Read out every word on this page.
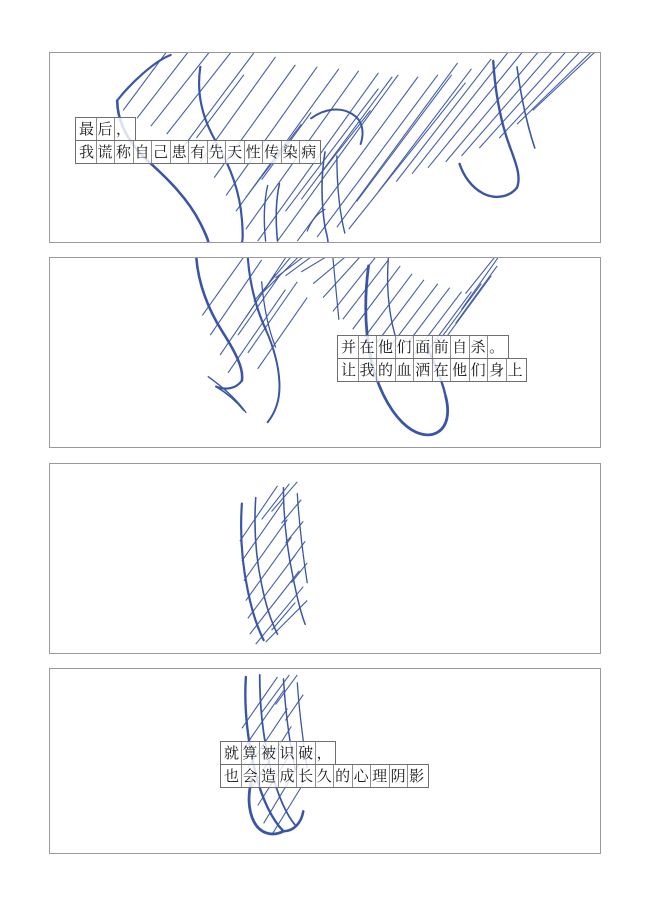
最 后 ，
我 谎 称 自 己 患 有 先 天 性 传 染 病
并 在 他 们 面 前 自 杀 。
让 我 的 血 洒 在 他 们 身 上
就 算 被 识 破 ，
也 会 造 成 长 久 的 心 理 阴 影
